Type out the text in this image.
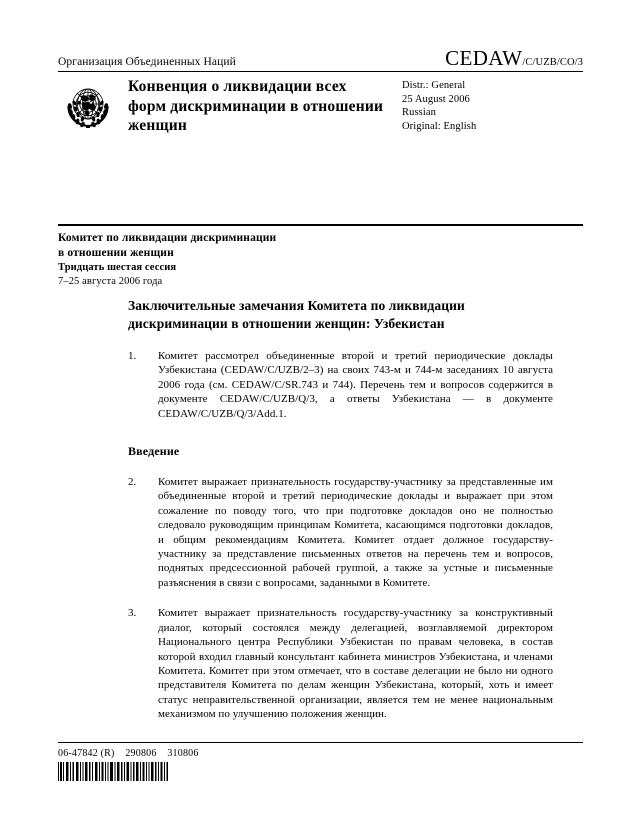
Организация Объединенных Наций	CEDAW /C/UZB/CO/3
Конвенция о ликвидации всех форм дискриминации в отношении женщин
Distr.: General
25 August 2006
Russian
Original: English
Комитет по ликвидации дискриминации
в отношении женщин
Тридцать шестая сессия
7–25 августа 2006 года
Заключительные замечания Комитета по ликвидации дискриминации в отношении женщин: Узбекистан
1.	Комитет рассмотрел объединенные второй и третий периодические доклады Узбекистана (CEDAW/C/UZB/2–3) на своих 743-м и 744-м заседаниях 10 августа 2006 года (см. CEDAW/C/SR.743 и 744). Перечень тем и вопросов содержится в документе CEDAW/C/UZB/Q/3, а ответы Узбекистана — в документе CEDAW/C/UZB/Q/3/Add.1.
Введение
2.	Комитет выражает признательность государству-участнику за представленные им объединенные второй и третий периодические доклады и выражает при этом сожаление по поводу того, что при подготовке докладов оно не полностью следовало руководящим принципам Комитета, касающимся подготовки докладов, и общим рекомендациям Комитета. Комитет отдает должное государству-участнику за представление письменных ответов на перечень тем и вопросов, поднятых предсессионной рабочей группой, а также за устные и письменные разъяснения в связи с вопросами, заданными в Комитете.
3.	Комитет выражает признательность государству-участнику за конструктивный диалог, который состоялся между делегацией, возглавляемой директором Национального центра Республики Узбекистан по правам человека, в состав которой входил главный консультант кабинета министров Узбекистана, и членами Комитета. Комитет при этом отмечает, что в составе делегации не было ни одного представителя Комитета по делам женщин Узбекистана, который, хоть и имеет статус неправительственной организации, является тем не менее национальным механизмом по улучшению положения женщин.
06-47842 (R)    290806    310806
